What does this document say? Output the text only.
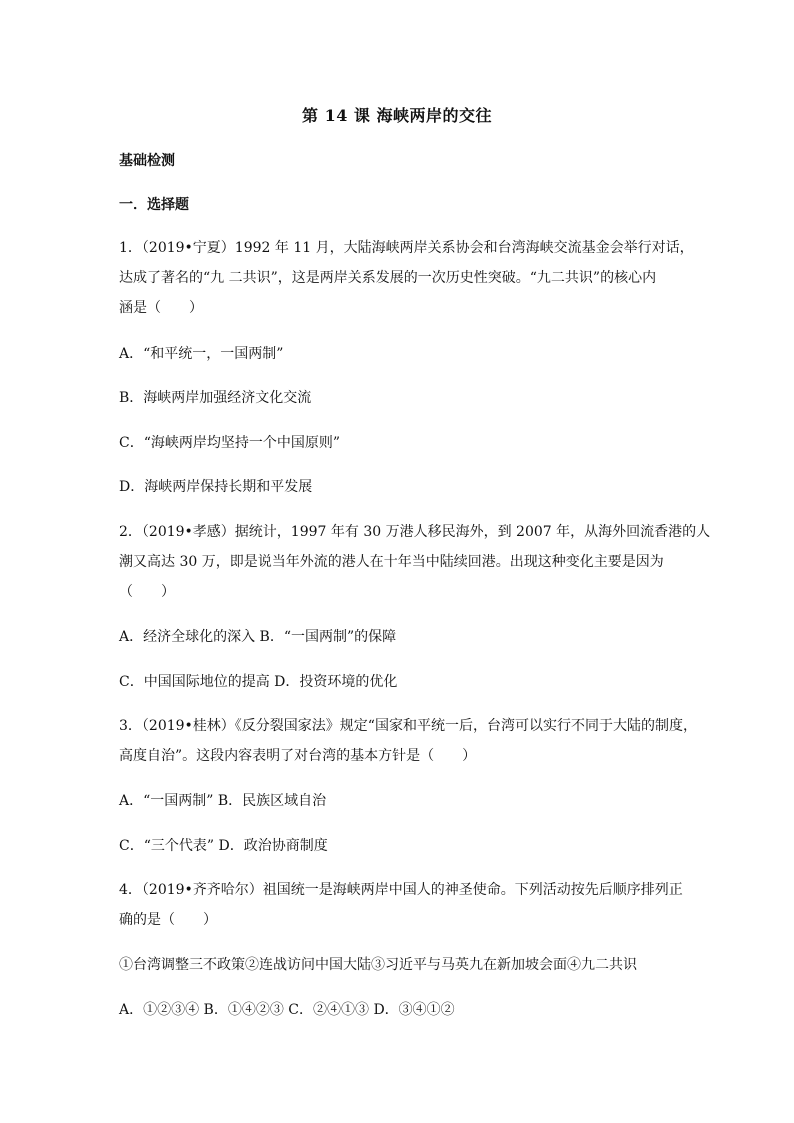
第 14 课 海峡两岸的交往
基础检测
一．选择题
1．（2019•宁夏）1992 年 11 月，大陆海峡两岸关系协会和台湾海峡交流基金会举行对话，
达成了著名的“九 二共识”，这是两岸关系发展的一次历史性突破。“九二共识”的核心内
涵是（　　）
A．“和平统一，一国两制”
B．海峡两岸加强经济文化交流
C．“海峡两岸均坚持一个中国原则”
D．海峡两岸保持长期和平发展
2．（2019•孝感）据统计，1997 年有 30 万港人移民海外，到 2007 年，从海外回流香港的人
潮又高达 30 万，即是说当年外流的港人在十年当中陆续回港。出现这种变化主要是因为
（　　）
A．经济全球化的深入 B．“一国两制”的保障
C．中国国际地位的提高 D．投资环境的优化
3．（2019•桂林）《反分裂国家法》规定“国家和平统一后，台湾可以实行不同于大陆的制度，
高度自治”。这段内容表明了对台湾的基本方针是（　　）
A．“一国两制” B．民族区域自治
C．“三个代表” D．政治协商制度
4．（2019•齐齐哈尔）祖国统一是海峡两岸中国人的神圣使命。下列活动按先后顺序排列正
确的是（　　）
①台湾调整三不政策②连战访问中国大陆③习近平与马英九在新加坡会面④九二共识
A．①②③④ B．①④②③ C．②④①③ D．③④①②
